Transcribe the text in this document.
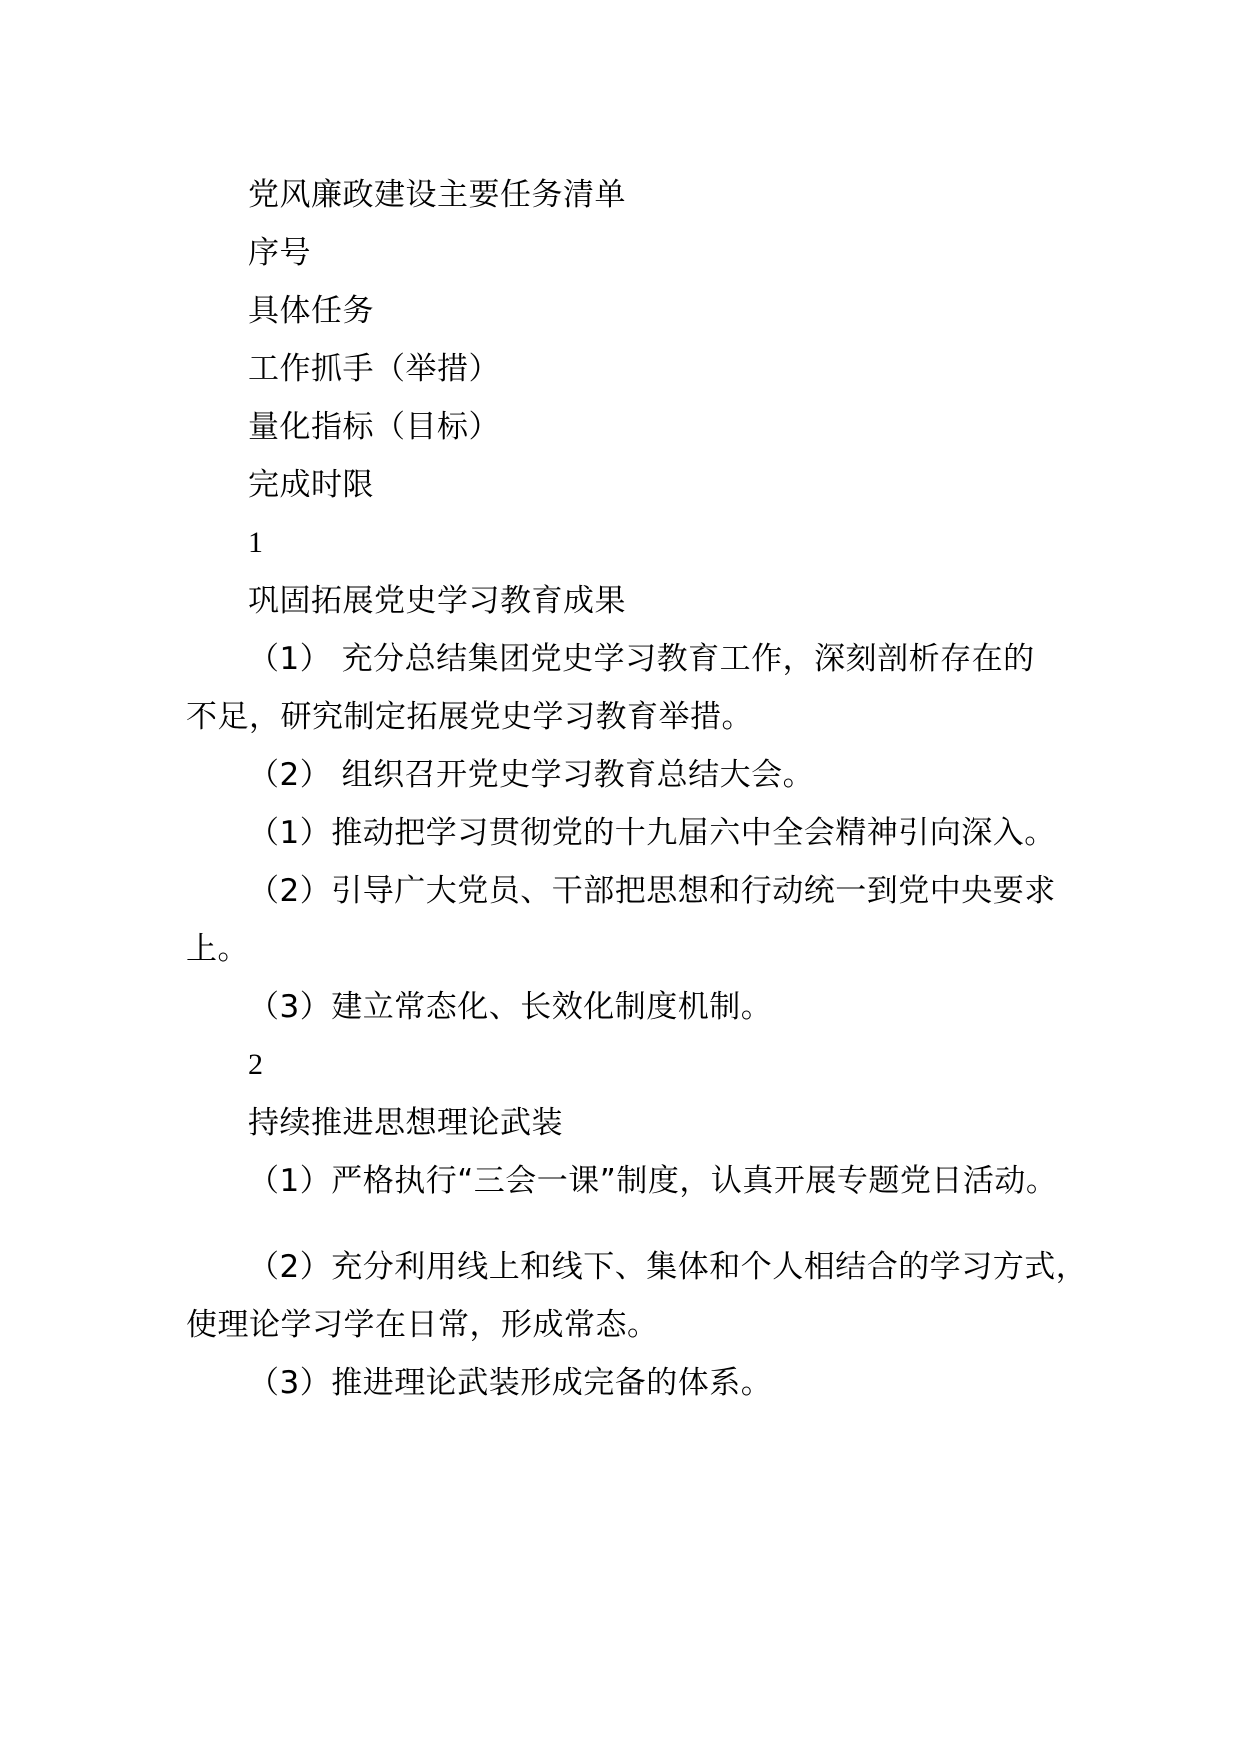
党风廉政建设主要任务清单
序号
具体任务
工作抓手（举措）
量化指标（目标）
完成时限
1
巩固拓展党史学习教育成果
（1） 充分总结集团党史学习教育工作，深刻剖析存在的
不足，研究制定拓展党史学习教育举措。
（2） 组织召开党史学习教育总结大会。
（1）推动把学习贯彻党的十九届六中全会精神引向深入。
（2）引导广大党员、干部把思想和行动统一到党中央要求
上。
（3）建立常态化、长效化制度机制。
2
持续推进思想理论武装
（1）严格执行“三会一课”制度，认真开展专题党日活动。
（2）充分利用线上和线下、集体和个人相结合的学习方式，
使理论学习学在日常，形成常态。
（3）推进理论武装形成完备的体系。
